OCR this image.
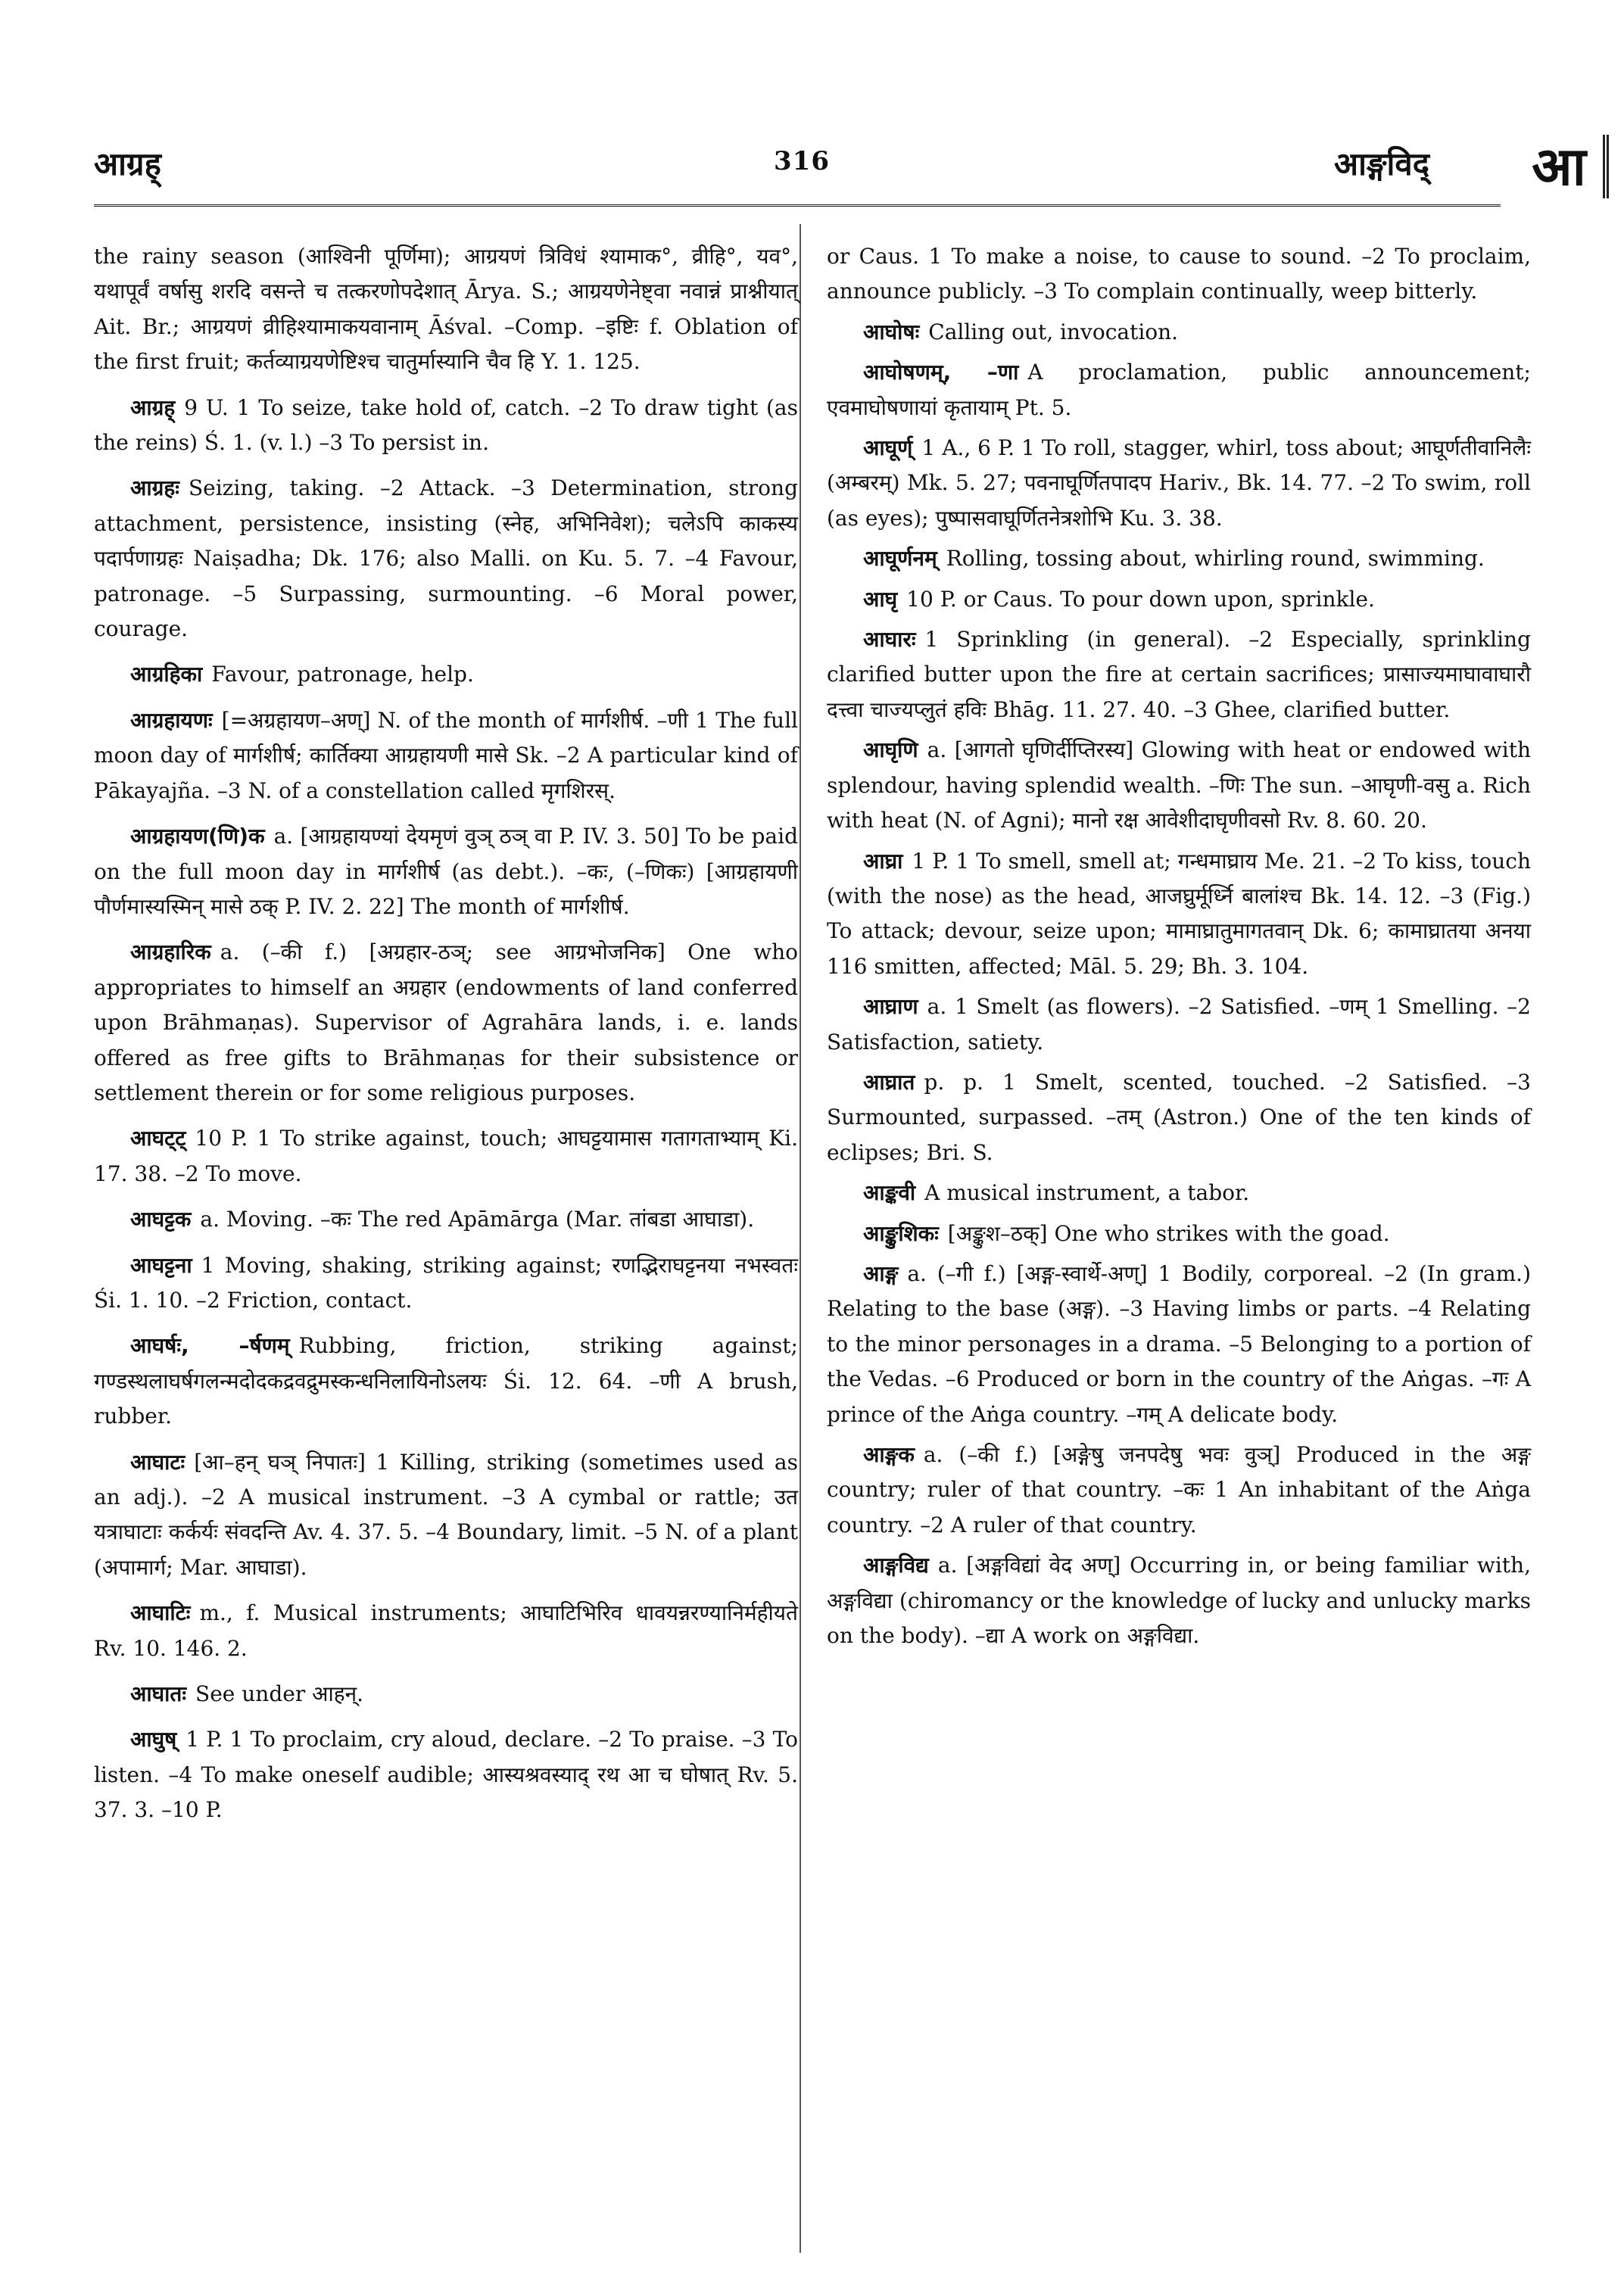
आग्रह्	316	आङ्गविद् आ

the rainy season (आश्विनी पूर्णिमा); आग्रयणं त्रिविधं श्यामाक°, व्रीहि°, यव°, यथापूर्वं वर्षासु शरदि वसन्ते च तत्करणोपदेशात् Ārya. S.; आग्रयणेनेष्ट्वा नवान्नं प्राश्नीयात् Ait. Br.; आग्रयणं व्रीहिश्यामाकयवानाम् Āśval. –Comp. –इष्टिः f. Oblation of the first fruit; कर्तव्याग्रयणेष्टिश्च चातुर्मास्यानि चैव हि Y. 1. 125.

आग्रह् 9 U. 1 To seize, take hold of, catch. –2 To draw tight (as the reins) Ś. 1. (v. l.) –3 To persist in.

आग्रहः Seizing, taking. –2 Attack. –3 Determination, strong attachment, persistence, insisting (स्नेह, अभिनिवेश); चलेऽपि काकस्य पदार्पणाग्रहः Naiṣadha; Dk. 176; also Malli. on Ku. 5. 7. –4 Favour, patronage. –5 Surpassing, surmounting. –6 Moral power, courage.

आग्रहिका Favour, patronage, help.

आग्रहायणः [=अग्रहायण–अण्] N. of the month of मार्गशीर्ष. –णी 1 The full moon day of मार्गशीर्ष; कार्तिक्या आग्रहायणी मासे Sk. –2 A particular kind of Pākayajña. –3 N. of a constellation called मृगशिरस्.

आग्रहायण(णि)क a. [आग्रहायण्यां देयमृणं वुञ् ठञ् वा P. IV. 3. 50] To be paid on the full moon day in मार्गशीर्ष (as debt.). –कः, (–णिकः) [आग्रहायणी पौर्णमास्यस्मिन् मासे ठक् P. IV. 2. 22] The month of मार्गशीर्ष.

आग्रहारिक a. (–की f.) [अग्रहार-ठञ्; see आग्रभोजनिक] One who appropriates to himself an अग्रहार (endowments of land conferred upon Brāhmaṇas). Supervisor of Agrahāra lands, i. e. lands offered as free gifts to Brāhmaṇas for their subsistence or settlement therein or for some religious purposes.

आघट्ट् 10 P. 1 To strike against, touch; आघट्टयामास गतागताभ्याम् Ki. 17. 38. –2 To move.

आघट्टक a. Moving. –कः The red Apāmārga (Mar. तांबडा आघाडा).

आघट्टना 1 Moving, shaking, striking against; रणद्भिराघट्टनया नभस्वतः Śi. 1. 10. –2 Friction, contact.

आघर्षः, –र्षणम् Rubbing, friction, striking against; गण्डस्थलाघर्षगलन्मदोदकद्रवद्रुमस्कन्धनिलायिनोऽलयः Śi. 12. 64. –णी A brush, rubber.

आघाटः [आ–हन् घञ् निपातः] 1 Killing, striking (sometimes used as an adj.). –2 A musical instrument. –3 A cymbal or rattle; उत यत्राघाटाः कर्कर्यः संवदन्ति Av. 4. 37. 5. –4 Boundary, limit. –5 N. of a plant (अपामार्ग; Mar. आघाडा).

आघाटिः m., f. Musical instruments; आघाटिभिरिव धावयन्नरण्यानिर्महीयते Rv. 10. 146. 2.

आघातः See under आहन्.

आघुष् 1 P. 1 To proclaim, cry aloud, declare. –2 To praise. –3 To listen. –4 To make oneself audible; आस्यश्रवस्याद् रथ आ च घोषात् Rv. 5. 37. 3. –10 P.

or Caus. 1 To make a noise, to cause to sound. –2 To proclaim, announce publicly. –3 To complain continually, weep bitterly.

आघोषः Calling out, invocation.

आघोषणम्, –णा A proclamation, public announcement; एवमाघोषणायां कृतायाम् Pt. 5.

आघूर्ण् 1 A., 6 P. 1 To roll, stagger, whirl, toss about; आघूर्णतीवानिलैः (अम्बरम्) Mk. 5. 27; पवनाघूर्णितपादप Hariv., Bk. 14. 77. –2 To swim, roll (as eyes); पुष्पासवाघूर्णितनेत्रशोभि Ku. 3. 38.

आघूर्णनम् Rolling, tossing about, whirling round, swimming.

आघृ 10 P. or Caus. To pour down upon, sprinkle.

आघारः 1 Sprinkling (in general). –2 Especially, sprinkling clarified butter upon the fire at certain sacrifices; प्रासाज्यमाघावाघारौ दत्त्वा चाज्यप्लुतं हविः Bhāg. 11. 27. 40. –3 Ghee, clarified butter.

आघृणि a. [आगतो घृणिर्दीप्तिरस्य] Glowing with heat or endowed with splendour, having splendid wealth. –णिः The sun. –आघृणी-वसु a. Rich with heat (N. of Agni); मानो रक्ष आवेशीदाघृणीवसो Rv. 8. 60. 20.

आघ्रा 1 P. 1 To smell, smell at; गन्धमाघ्राय Me. 21. –2 To kiss, touch (with the nose) as the head, आजघ्रुर्मूर्ध्नि बालांश्च Bk. 14. 12. –3 (Fig.) To attack; devour, seize upon; मामाघ्रातुमागतवान् Dk. 6; कामाघ्रातया अनया 116 smitten, affected; Māl. 5. 29; Bh. 3. 104.

आघ्राण a. 1 Smelt (as flowers). –2 Satisfied. –णम् 1 Smelling. –2 Satisfaction, satiety.

आघ्रात p. p. 1 Smelt, scented, touched. –2 Satisfied. –3 Surmounted, surpassed. –तम् (Astron.) One of the ten kinds of eclipses; Bri. S.

आङ्कवी A musical instrument, a tabor.

आङ्कुशिकः [अङ्कुश–ठक्] One who strikes with the goad.

आङ्ग a. (–गी f.) [अङ्ग-स्वार्थे-अण्] 1 Bodily, corporeal. –2 (In gram.) Relating to the base (अङ्ग). –3 Having limbs or parts. –4 Relating to the minor personages in a drama. –5 Belonging to a portion of the Vedas. –6 Produced or born in the country of the Aṅgas. –गः A prince of the Aṅga country. –गम् A delicate body.

आङ्गक a. (–की f.) [अङ्गेषु जनपदेषु भवः वुञ्] Produced in the अङ्ग country; ruler of that country. –कः 1 An inhabitant of the Aṅga country. –2 A ruler of that country.

आङ्गविद्य a. [अङ्गविद्यां वेद अण्] Occurring in, or being familiar with, अङ्गविद्या (chiromancy or the knowledge of lucky and unlucky marks on the body). –द्या A work on अङ्गविद्या.
